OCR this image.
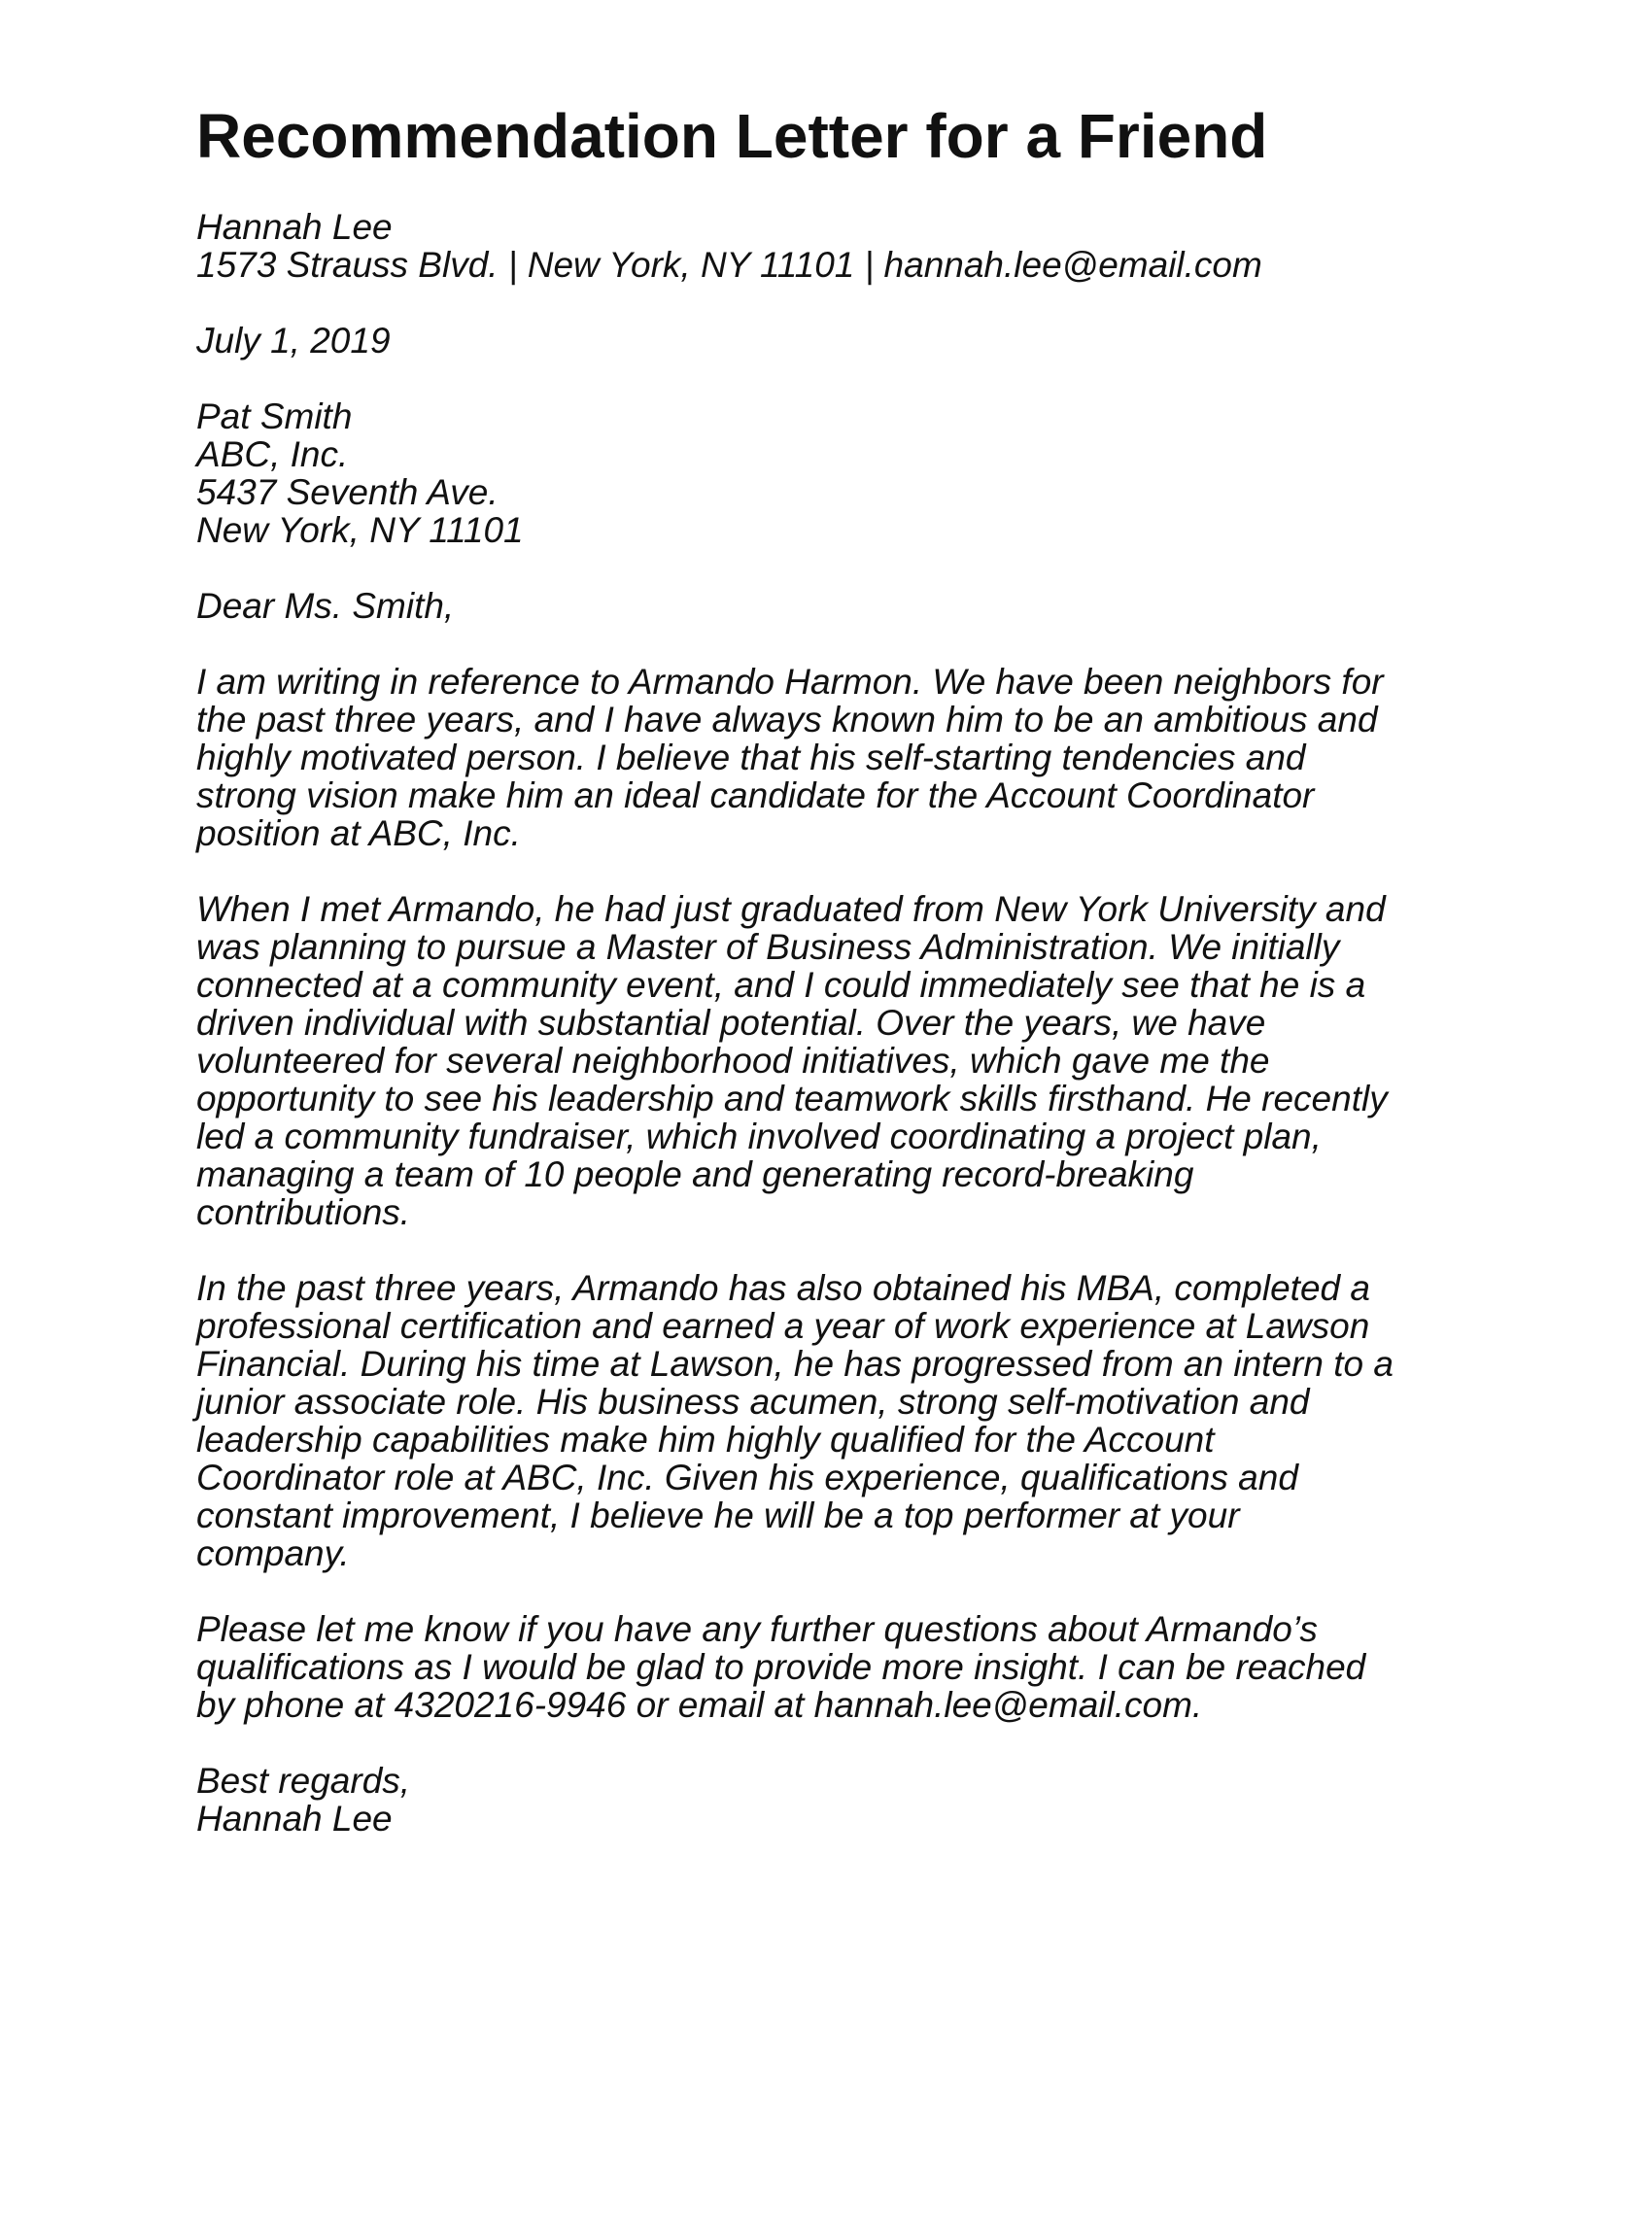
Recommendation Letter for a Friend
Hannah Lee
1573 Strauss Blvd. | New York, NY 11101 | hannah.lee@email.com
July 1, 2019
Pat Smith
ABC, Inc.
5437 Seventh Ave.
New York, NY 11101
Dear Ms. Smith,
I am writing in reference to Armando Harmon. We have been neighbors for
the past three years, and I have always known him to be an ambitious and
highly motivated person. I believe that his self-starting tendencies and
strong vision make him an ideal candidate for the Account Coordinator
position at ABC, Inc.
When I met Armando, he had just graduated from New York University and
was planning to pursue a Master of Business Administration. We initially
connected at a community event, and I could immediately see that he is a
driven individual with substantial potential. Over the years, we have
volunteered for several neighborhood initiatives, which gave me the
opportunity to see his leadership and teamwork skills firsthand. He recently
led a community fundraiser, which involved coordinating a project plan,
managing a team of 10 people and generating record-breaking
contributions.
In the past three years, Armando has also obtained his MBA, completed a
professional certification and earned a year of work experience at Lawson
Financial. During his time at Lawson, he has progressed from an intern to a
junior associate role. His business acumen, strong self-motivation and
leadership capabilities make him highly qualified for the Account
Coordinator role at ABC, Inc. Given his experience, qualifications and
constant improvement, I believe he will be a top performer at your
company.
Please let me know if you have any further questions about Armando’s
qualifications as I would be glad to provide more insight. I can be reached
by phone at 4320216-9946 or email at hannah.lee@email.com.
Best regards,
Hannah Lee
